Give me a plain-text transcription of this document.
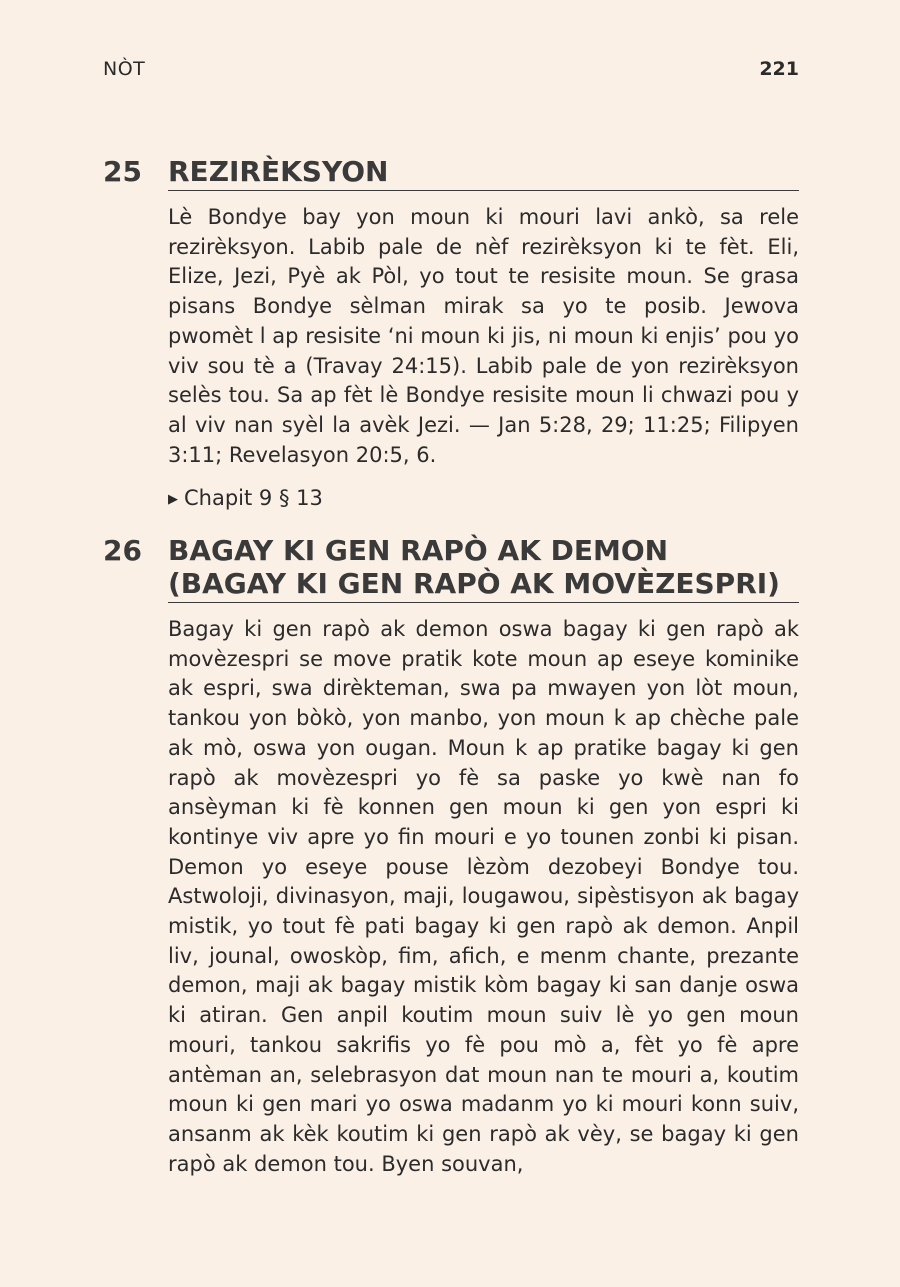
NÒT	221
25 REZIRÈKSYON

Lè Bondye bay yon moun ki mouri lavi ankò, sa rele rezirèksyon. Labib pale de nèf rezirèksyon ki te fèt. Eli, Elize, Jezi, Pyè ak Pòl, yo tout te resisite moun. Se grasa pisans Bondye sèlman mirak sa yo te posib. Jewova pwomèt l ap resisite ‘ni moun ki jis, ni moun ki enjis’ pou yo viv sou tè a (Travay 24:15). Labib pale de yon rezirèksyon selès tou. Sa ap fèt lè Bondye resisite moun li chwazi pou y al viv nan syèl la avèk Jezi. — Jan 5:28, 29; 11:25; Filipyen 3:11; Revelasyon 20:5, 6.

▶ Chapit 9 § 13
26 BAGAY KI GEN RAPÒ AK DEMON
(BAGAY KI GEN RAPÒ AK MOVÈZESPRI)

Bagay ki gen rapò ak demon oswa bagay ki gen rapò ak movèzespri se move pratik kote moun ap eseye kominike ak espri, swa dirèkteman, swa pa mwayen yon lòt moun, tankou yon bòkò, yon manbo, yon moun k ap chèche pale ak mò, oswa yon ougan. Moun k ap pratike bagay ki gen rapò ak movèzespri yo fè sa paske yo kwè nan fo ansèyman ki fè konnen gen moun ki gen yon espri ki kontinye viv apre yo fin mouri e yo tounen zonbi ki pisan. Demon yo eseye pouse lèzòm dezobeyi Bondye tou. Astwoloji, divinasyon, maji, lougawou, sipèstisyon ak bagay mistik, yo tout fè pati bagay ki gen rapò ak demon. Anpil liv, jounal, owoskòp, fim, afich, e menm chante, prezante demon, maji ak bagay mistik kòm bagay ki san danje oswa ki atiran. Gen anpil koutim moun suiv lè yo gen moun mouri, tankou sakrifis yo fè pou mò a, fèt yo fè apre antèman an, selebrasyon dat moun nan te mouri a, koutim moun ki gen mari yo oswa madanm yo ki mouri konn suiv, ansanm ak kèk koutim ki gen rapò ak vèy, se bagay ki gen rapò ak demon tou. Byen souvan,
